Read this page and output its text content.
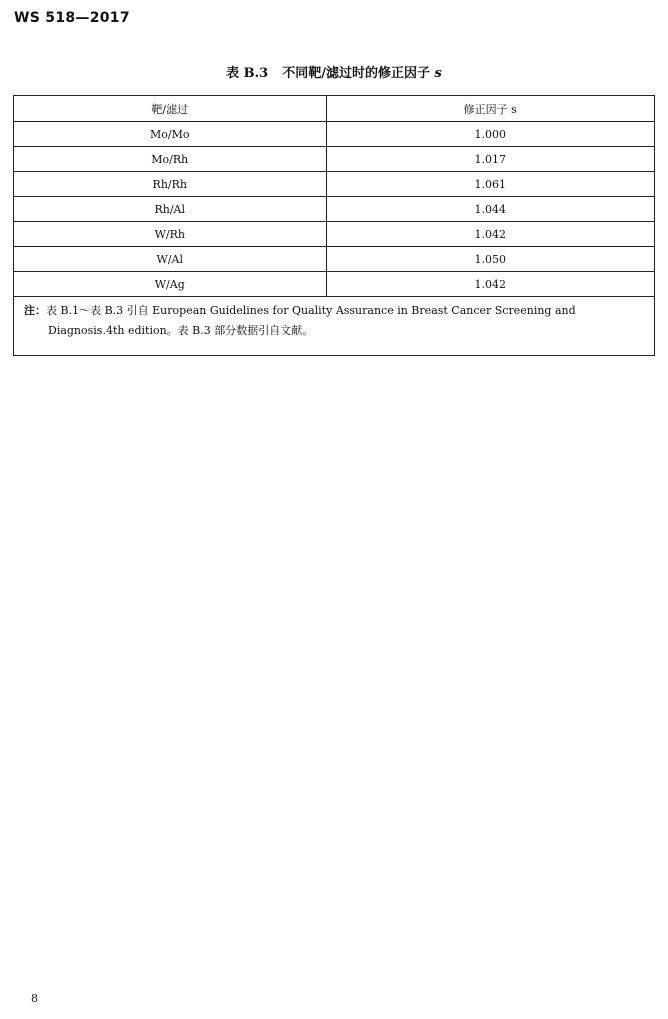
WS 518—2017
表 B.3 不同靶/滤过时的修正因子 s
靶/滤过	修正因子 s
Mo/Mo	1.000
Mo/Rh	1.017
Rh/Rh	1.061
Rh/Al	1.044
W/Rh	1.042
W/Al	1.050
W/Ag	1.042
注：表 B.1～表 B.3 引自 European Guidelines for Quality Assurance in Breast Cancer Screening and Diagnosis.4th edition。表 B.3 部分数据引自文献。	
8
